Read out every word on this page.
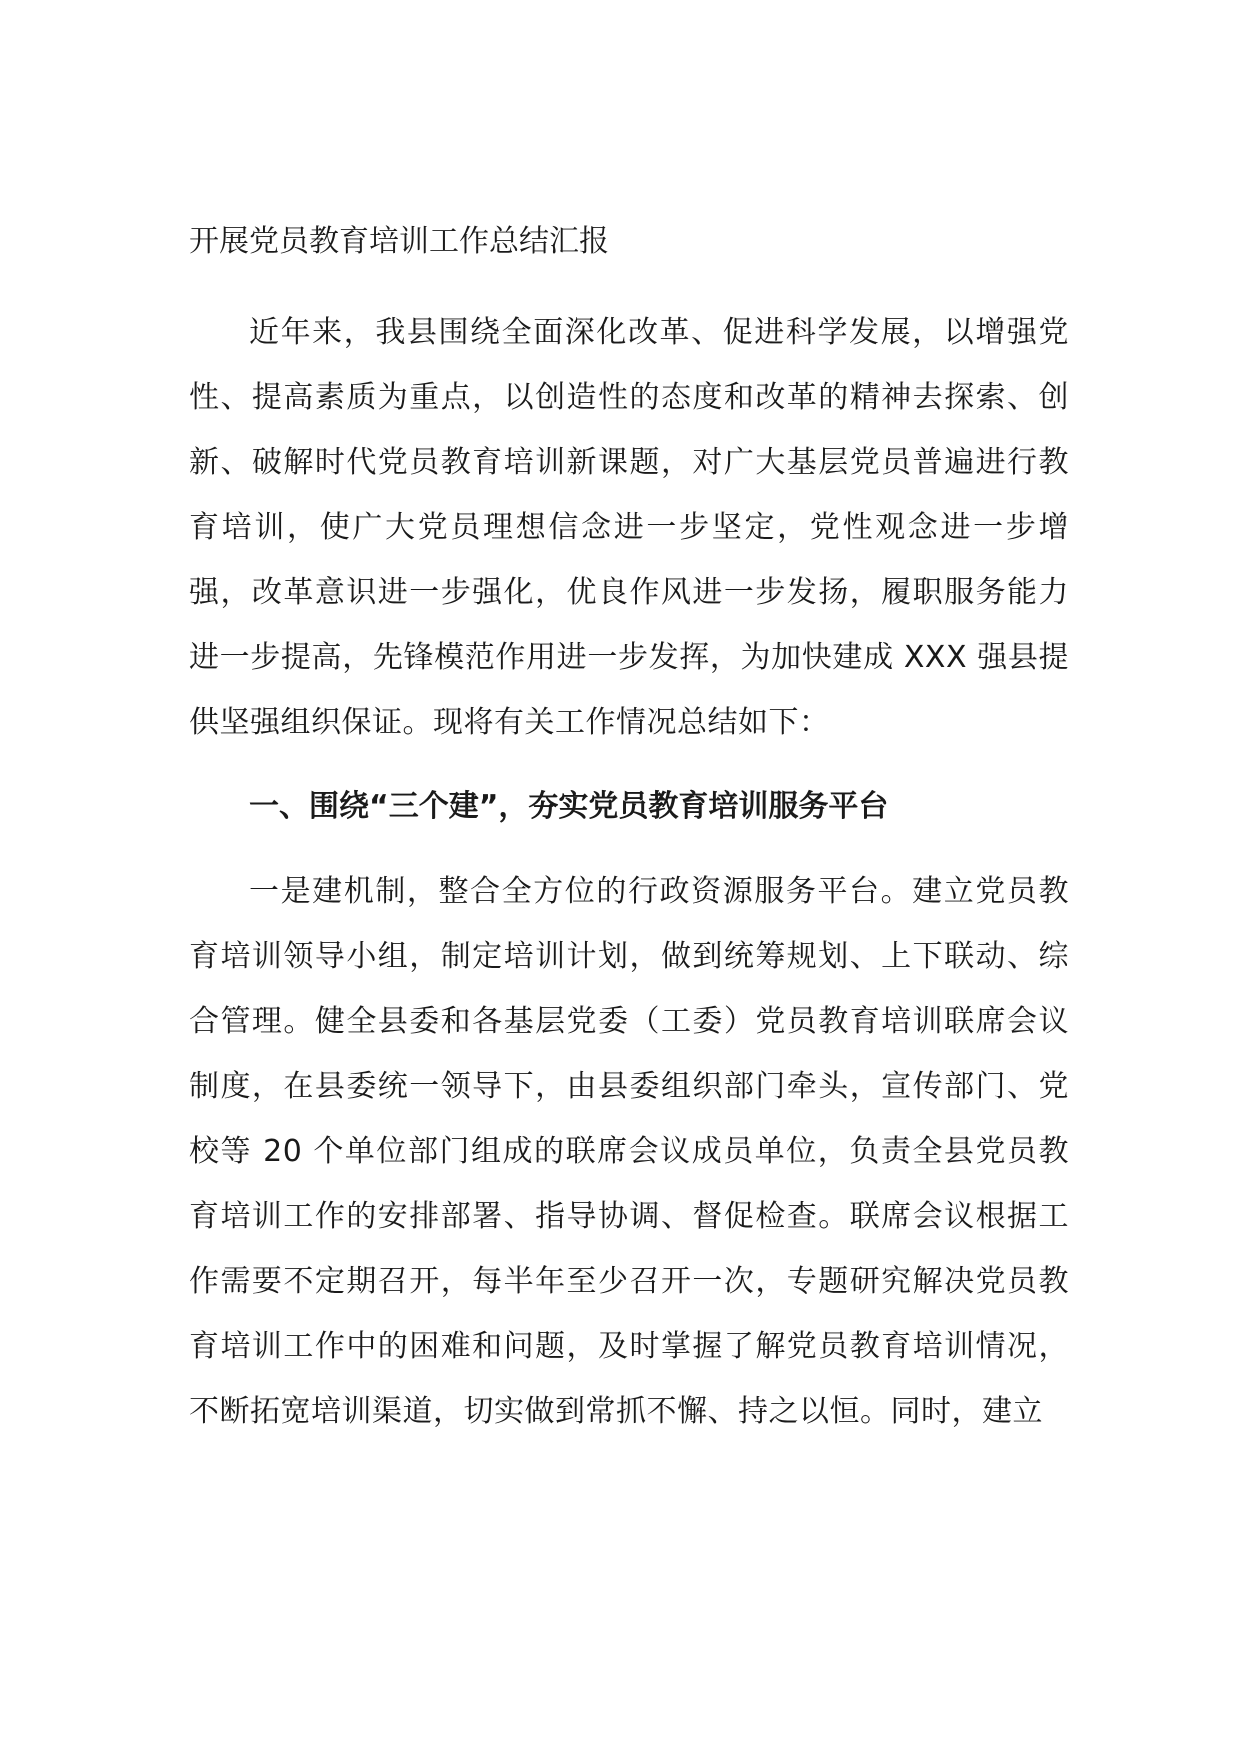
开展党员教育培训工作总结汇报

近年来，我县围绕全面深化改革、促进科学发展，以增强党性、提高素质为重点，以创造性的态度和改革的精神去探索、创新、破解时代党员教育培训新课题，对广大基层党员普遍进行教育培训，使广大党员理想信念进一步坚定，党性观念进一步增强，改革意识进一步强化，优良作风进一步发扬，履职服务能力进一步提高，先锋模范作用进一步发挥，为加快建成 XXX 强县提供坚强组织保证。现将有关工作情况总结如下：

一、围绕“三个建”，夯实党员教育培训服务平台

一是建机制，整合全方位的行政资源服务平台。建立党员教育培训领导小组，制定培训计划，做到统筹规划、上下联动、综合管理。健全县委和各基层党委（工委）党员教育培训联席会议制度，在县委统一领导下，由县委组织部门牵头，宣传部门、党校等 20 个单位部门组成的联席会议成员单位，负责全县党员教育培训工作的安排部署、指导协调、督促检查。联席会议根据工作需要不定期召开，每半年至少召开一次，专题研究解决党员教育培训工作中的困难和问题，及时掌握了解党员教育培训情况，不断拓宽培训渠道，切实做到常抓不懈、持之以恒。同时，建立
